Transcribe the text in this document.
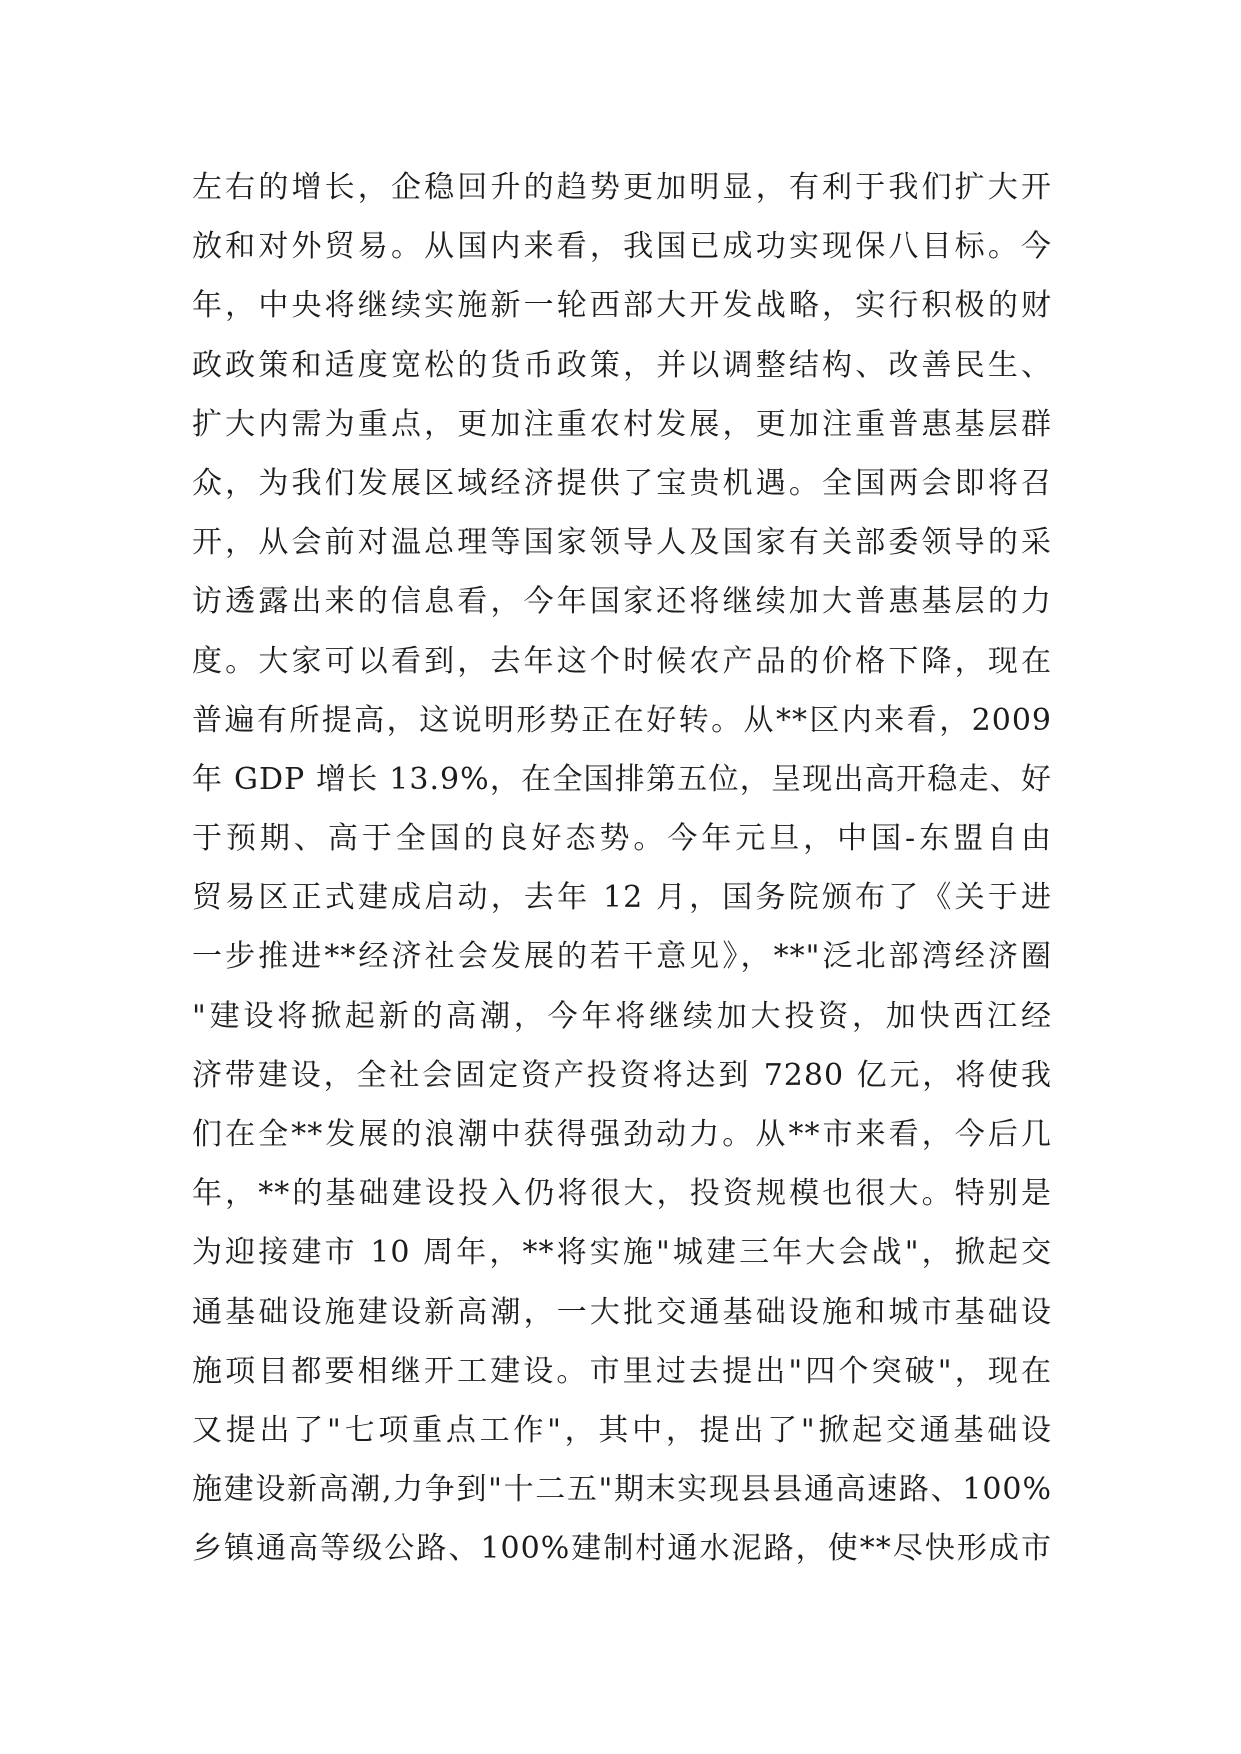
左右的增长，企稳回升的趋势更加明显，有利于我们扩大开
放和对外贸易。从国内来看，我国已成功实现保八目标。今
年，中央将继续实施新一轮西部大开发战略，实行积极的财
政政策和适度宽松的货币政策，并以调整结构、改善民生、
扩大内需为重点，更加注重农村发展，更加注重普惠基层群
众，为我们发展区域经济提供了宝贵机遇。全国两会即将召
开，从会前对温总理等国家领导人及国家有关部委领导的采
访透露出来的信息看，今年国家还将继续加大普惠基层的力
度。大家可以看到，去年这个时候农产品的价格下降，现在
普遍有所提高，这说明形势正在好转。从**区内来看，2009
年 GDP 增长 13.9%，在全国排第五位，呈现出高开稳走、好
于预期、高于全国的良好态势。今年元旦，中国-东盟自由
贸易区正式建成启动，去年 12 月，国务院颁布了《关于进
一步推进**经济社会发展的若干意见》，**"泛北部湾经济圈
"建设将掀起新的高潮，今年将继续加大投资，加快西江经
济带建设，全社会固定资产投资将达到 7280 亿元，将使我
们在全**发展的浪潮中获得强劲动力。从**市来看，今后几
年，**的基础建设投入仍将很大，投资规模也很大。特别是
为迎接建市 10 周年，**将实施"城建三年大会战"，掀起交
通基础设施建设新高潮，一大批交通基础设施和城市基础设
施项目都要相继开工建设。市里过去提出"四个突破"，现在
又提出了"七项重点工作"，其中，提出了"掀起交通基础设
施建设新高潮,力争到"十二五"期末实现县县通高速路、100%
乡镇通高等级公路、100%建制村通水泥路，使**尽快形成市
